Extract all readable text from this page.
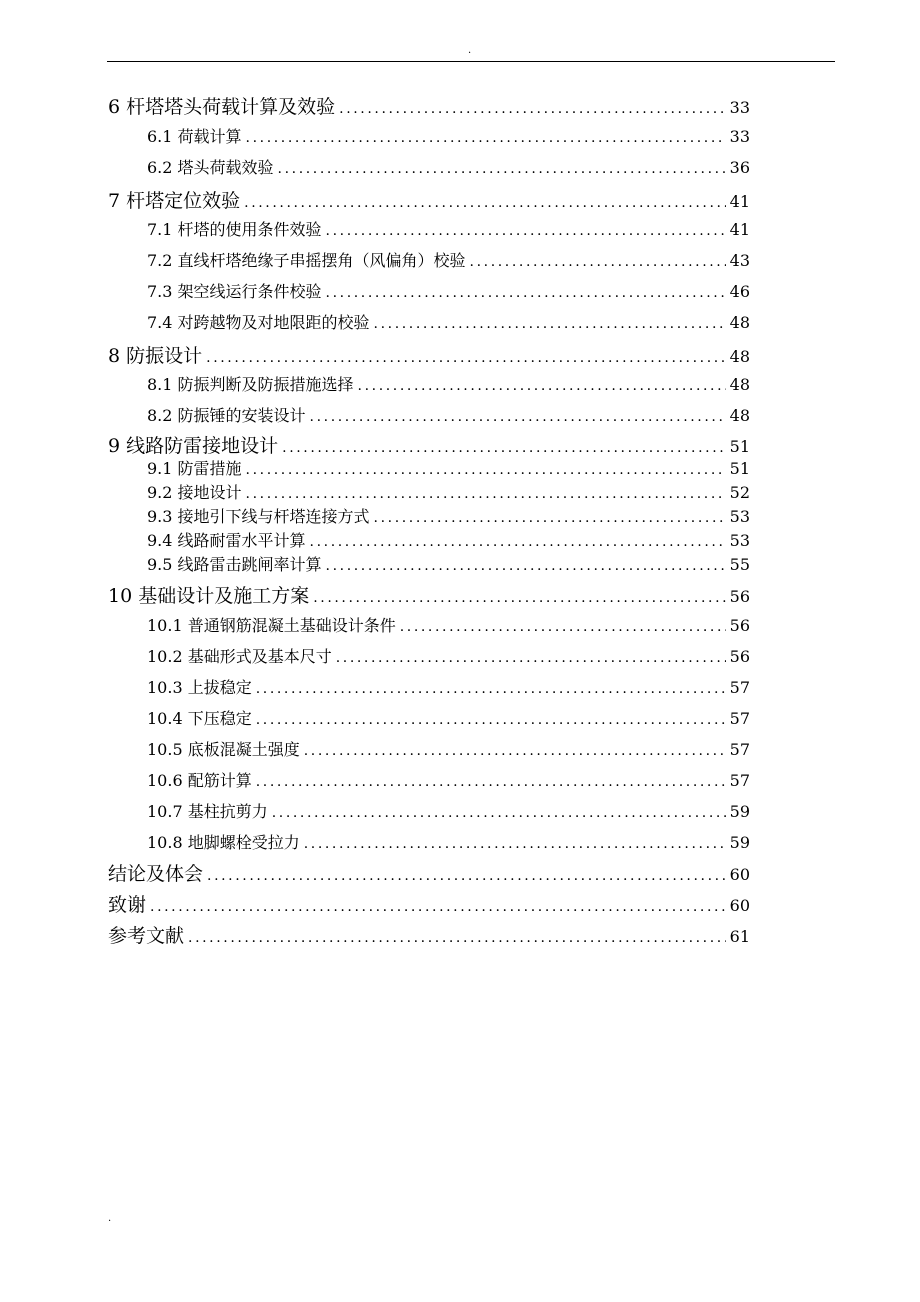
.
6 杆塔塔头荷载计算及效验 .....	33
6.1 荷载计算 .....	33
6.2 塔头荷载效验 .....	36
7 杆塔定位效验 .....	41
7.1 杆塔的使用条件效验 .....	41
7.2 直线杆塔绝缘子串摇摆角（风偏角）校验 .....	43
7.3 架空线运行条件校验 .....	46
7.4 对跨越物及对地限距的校验 .....	48
8 防振设计 .....	48
8.1 防振判断及防振措施选择 .....	48
8.2 防振锤的安装设计 .....	48
9 线路防雷接地设计 .....	51
9.1 防雷措施 .....	51
9.2 接地设计 .....	52
9.3 接地引下线与杆塔连接方式 .....	53
9.4 线路耐雷水平计算 .....	53
9.5 线路雷击跳闸率计算 .....	55
10 基础设计及施工方案 .....	56
10.1 普通钢筋混凝土基础设计条件 .....	56
10.2 基础形式及基本尺寸 .....	56
10.3 上拔稳定 .....	57
10.4 下压稳定 .....	57
10.5 底板混凝土强度 .....	57
10.6 配筋计算 .....	57
10.7 基柱抗剪力 .....	59
10.8 地脚螺栓受拉力 .....	59
结论及体会 .....	60
致谢 .....	60
参考文献 .....	61
.
